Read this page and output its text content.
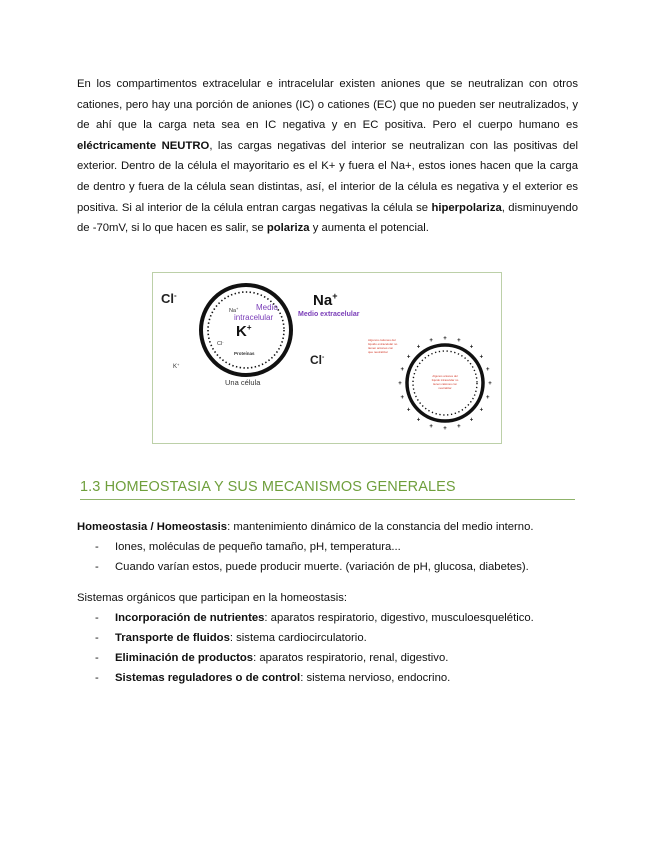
En los compartimentos extracelular e intracelular existen aniones que se neutralizan con otros cationes, pero hay una porción de aniones (IC) o cationes (EC) que no pueden ser neutralizados, y de ahí que la carga neta sea en IC negativa y en EC positiva. Pero el cuerpo humano es eléctricamente NEUTRO, las cargas negativas del interior se neutralizan con las positivas del exterior. Dentro de la célula el mayoritario es el K+ y fuera el Na+, estos iones hacen que la carga de dentro y fuera de la célula sean distintas, así, el interior de la célula es negativa y el exterior es positiva. Si al interior de la célula entran cargas negativas la célula se hiperpolariza, disminuyendo de -70mV, si lo que hacen es salir, se polariza y aumenta el potencial.

Cl-
K+
Na+ Medio
intracelular
K+
Cl-
Proteínas
Una célula
Na+
Medio extracelular
Cl-
Algunos cationes del
líquido extracelular no
tienen aniones con
que neutralizar
Algunos aniones del
líquido intracelular no
tienen cationes con
neutralizar
+
+
+
+
+
+
+
+
+
+
+
+
+
+
+ + +
+
+
+
1.3 HOMEOSTASIA Y SUS MECANISMOS GENERALES

Homeostasia / Homeostasis: mantenimiento dinámico de la constancia del medio interno.

- Iones, moléculas de pequeño tamaño, pH, temperatura...
- Cuando varían estos, puede producir muerte. (variación de pH, glucosa, diabetes).

Sistemas orgánicos que participan en la homeostasis:

- Incorporación de nutrientes: aparatos respiratorio, digestivo, musculoesquelético.
- Transporte de fluidos: sistema cardiocirculatorio.
- Eliminación de productos: aparatos respiratorio, renal, digestivo.
- Sistemas reguladores o de control: sistema nervioso, endocrino.
